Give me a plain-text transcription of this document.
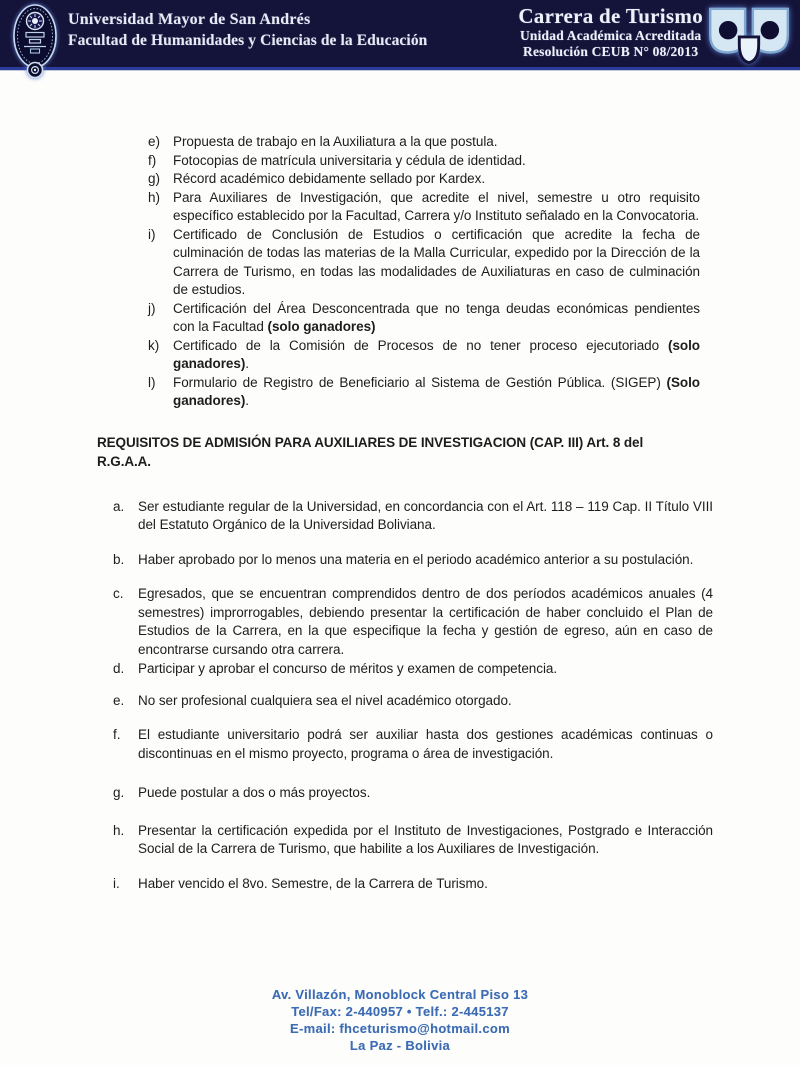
Universidad Mayor de San Andrés
Facultad de Humanidades y Ciencias de la Educación
Carrera de Turismo
Unidad Académica Acreditada
Resolución CEUB N° 08/2013
e) Propuesta de trabajo en la Auxiliatura a la que postula.
f)	Fotocopias de matrícula universitaria y cédula de identidad.
g) Récord académico debidamente sellado por Kardex.
h) Para Auxiliares de Investigación, que acredite el nivel, semestre u otro requisito específico establecido por la Facultad, Carrera y/o Instituto señalado en la Convocatoria.
i)	Certificado de Conclusión de Estudios o certificación que acredite la fecha de culminación de todas las materias de la Malla Curricular, expedido por la Dirección de la Carrera de Turismo, en todas las modalidades de Auxiliaturas en caso de culminación de estudios.
j)	Certificación del Área Desconcentrada que no tenga deudas económicas pendientes con la Facultad (solo ganadores)
k)	Certificado de la Comisión de Procesos de no tener proceso ejecutoriado (solo ganadores).
l)	Formulario de Registro de Beneficiario al Sistema de Gestión Pública. (SIGEP) (Solo ganadores).
REQUISITOS DE ADMISIÓN PARA AUXILIARES DE INVESTIGACION (CAP. III) Art. 8 del
R.G.A.A.
a.	Ser estudiante regular de la Universidad, en concordancia con el Art. 118 – 119 Cap. II Título VIII del Estatuto Orgánico de la Universidad Boliviana.
b.	Haber aprobado por lo menos una materia en el periodo académico anterior a su postulación.
c.	Egresados, que se encuentran comprendidos dentro de dos períodos académicos anuales (4 semestres) improrrogables, debiendo presentar la certificación de haber concluido el Plan de Estudios de la Carrera, en la que especifique la fecha y gestión de egreso, aún en caso de encontrarse cursando otra carrera.
d.	Participar y aprobar el concurso de méritos y examen de competencia.
e.	No ser profesional cualquiera sea el nivel académico otorgado.
f.	El estudiante universitario podrá ser auxiliar hasta dos gestiones académicas continuas o discontinuas en el mismo proyecto, programa o área de investigación.
g.	Puede postular a dos o más proyectos.
h.	Presentar la certificación expedida por el Instituto de Investigaciones, Postgrado e Interacción Social de la Carrera de Turismo, que habilite a los Auxiliares de Investigación.
i.	Haber vencido el 8vo. Semestre, de la Carrera de Turismo.
Av. Villazón, Monoblock Central Piso 13
Tel/Fax: 2-440957 • Telf.: 2-445137
E-mail: fhceturismo@hotmail.com
La Paz - Bolivia
